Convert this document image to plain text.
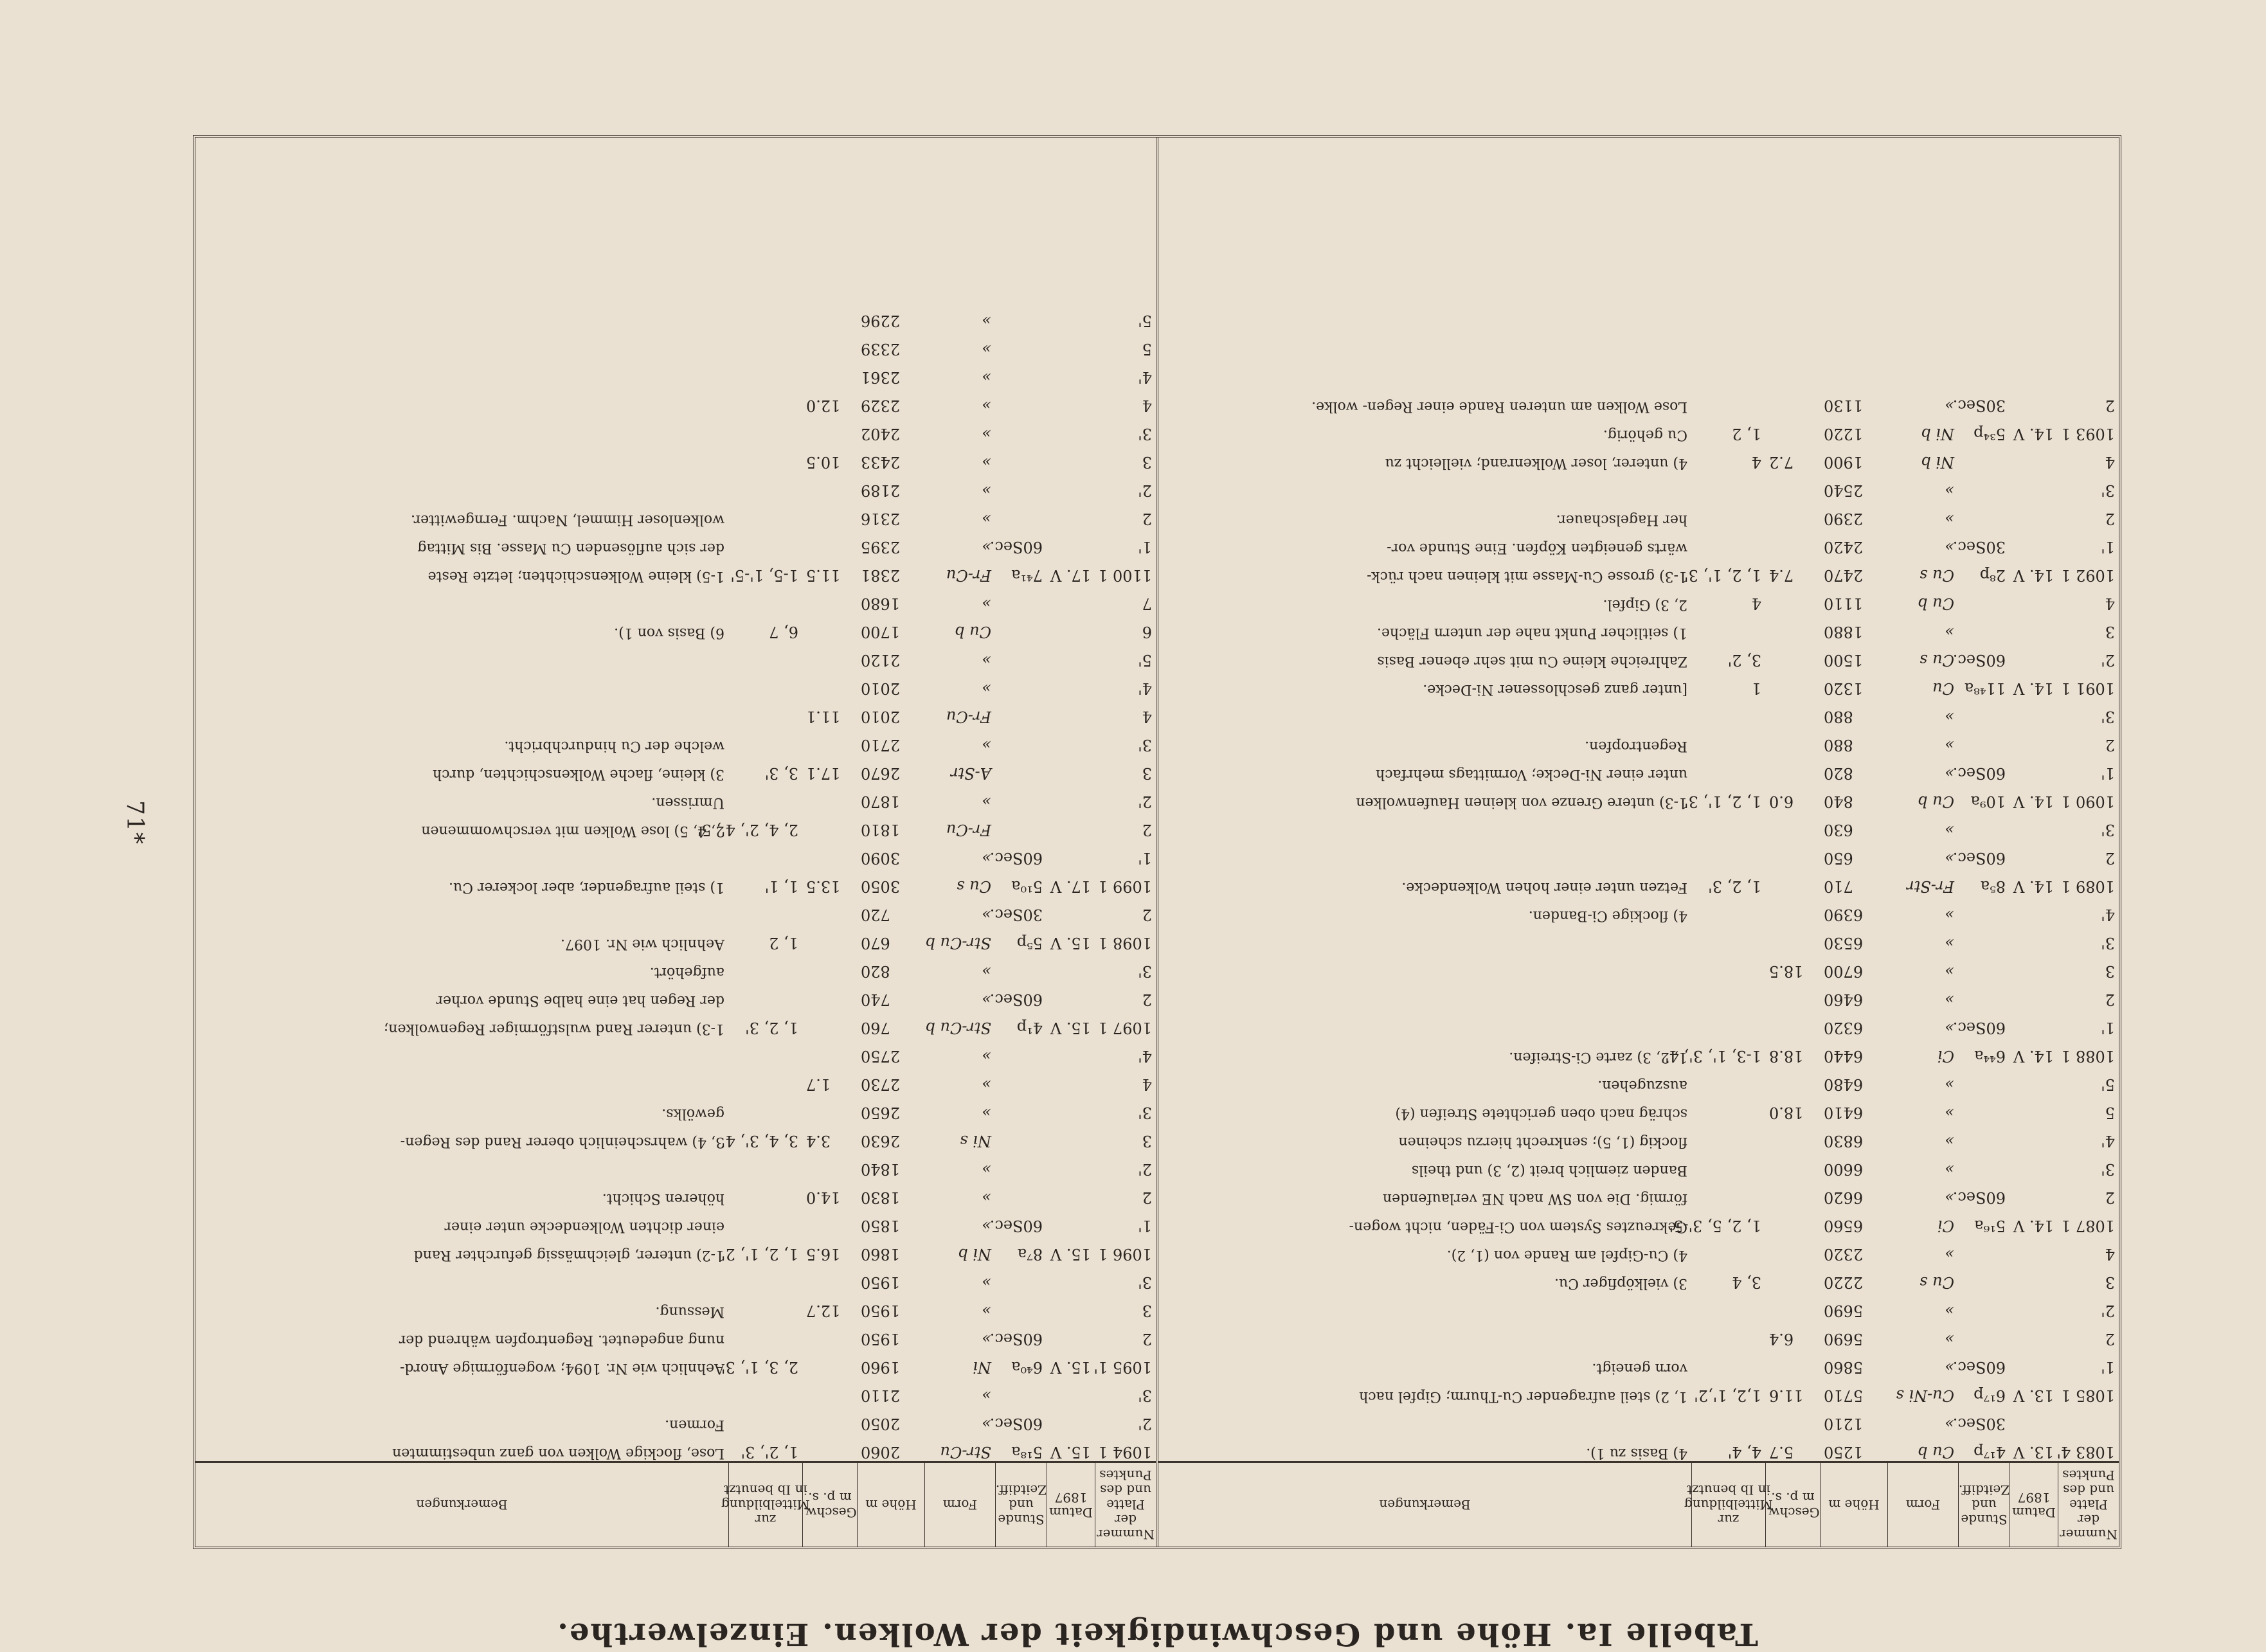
71*
Tabelle Ia. Höhe und Geschwindigkeit der Wolken. Einzelwerthe.
Nummer der Platte und des Punktes
Datum 1897
Stunde und Zeitdiff.
Form
Höhe m
Geschw. m p. s.
zur Mittelbildung in Ib benutzt
Bemerkungen
1083 4'
13. V
4¹⁷p
Cu b
1250
5.7
4, 4'
4) Basis zu 1).
30Sec.
»
1210
1085 1
13. V
6¹⁷p
Cu-Ni s
5710
11.6
1,2, 1',2'
1, 2) steil aufragender Cu-Thurm; Gipfel nach
1'
60Sec.
»
5860
vorn geneigt.
2
»
5690
6.4
2'
»
5690
3
Cu s
2220
3, 4
3) vielköpfiger Cu.
4
»
2320
4) Cu-Gipfel am Rande von (1, 2).
1087 1
14. V
5¹⁶a
Ci
6560
1, 2, 5, 3'-5'
Gekreuztes System von Ci-Fäden, nicht wogen-
2
60Sec.
»
6620
förmig. Die von SW nach NE verlaufenden
3'
»
6600
Banden ziemlich breit (2, 3) und theils
4'
»
6830
flockig (1, 5); senkrecht hierzu scheinen
5
»
6410
18.0
schräg nach oben gerichtete Streifen (4)
5'
»
6480
auszugehen.
1088 1
14. V
6⁴⁴a
Ci
6440
18.8
1-3, 1', 3', 4'
1, 2, 3) zarte Ci-Streifen.
1'
60Sec.
»
6320
2
»
6460
3
»
6700
18.5
3'
»
6530
4'
»
6390
4) flockige Ci-Banden.
1089 1
14. V
8⁵a
Fr-Str
710
1, 2, 3'
Fetzen unter einer hohen Wolkendecke.
2
60Sec.
»
650
3'
»
630
1090 1
14. V
10⁹a
Cu b
840
6.0
1, 2, 1', 3'
1-3) untere Grenze von kleinen Haufenwolken
1'
60Sec.
»
820
unter einer Ni-Decke; Vormittags mehrfach
2
»
880
Regentropfen.
3'
»
880
1091 1
14. V
11⁴⁸a
Cu
1320
1
[unter ganz geschlossener Ni-Decke.
2'
60Sec.
Cu s
1500
3, 2'
Zahlreiche kleine Cu mit sehr ebener Basis
3
»
1880
1) seitlicher Punkt nahe der untern Fläche.
4
Cu b
1110
4
2, 3) Gipfel.
1092 1
14. V
2⁸p
Cu s
2470
7.4
1, 2, 1', 3'
1-3) grosse Cu-Masse mit kleinen nach rück-
1'
30Sec.
»
2420
wärts geneigten Köpfen. Eine Stunde vor-
2
»
2390
her Hagelschauer.
3'
»
2540
4
Ni b
1900
7.2
4
4) unterer, loser Wolkenrand; vielleicht zu
1093 1
14. V
5³⁴p
Ni b
1220
1, 2
Cu gehörig.
2
30Sec.
»
1130
Lose Wolken am unteren Rande einer Regen- wolke.
Nummer der Platte und des Punktes
Datum 1897
Stunde und Zeitdiff.
Form
Höhe m
Geschw. m p. s.
zur Mittelbildung in Ib benutzt
Bemerkungen
1094 1
15. V
5¹⁸a
Str-Cu
2060
1, 2', 3'
Lose, flockige Wolken von ganz unbestimmten
2'
60Sec.
»
2050
Formen.
3'
»
2110
1095 1'
15. V
6⁴⁰a
Ni
1960
2, 3, 1', 3'
Aehnlich wie Nr. 1094; wogenförmige Anord-
2
60Sec.
»
1950
nung angedeutet. Regentropfen während der
3
»
1950
12.7
Messung.
3'
»
1950
1096 1
15. V
8⁷a
Ni b
1860
16.5
1, 2, 1', 2'
1-2) unterer, gleichmässig gefurchter Rand
1'
60Sec.
»
1850
einer dichten Wolkendecke unter einer
2
»
1830
14.0
höheren Schicht.
2'
»
1840
3
Ni s
2630
3.4
3, 4, 3', 4'
3, 4) wahrscheinlich oberer Rand des Regen-
3'
»
2650
gewölks.
4
»
2730
1.7
4'
»
2750
1097 1
15. V
4¹p
Str-Cu b
760
1, 2, 3'
1-3) unterer Rand wulstförmiger Regenwolken;
2
60Sec.
»
740
der Regen hat eine halbe Stunde vorher
3'
»
820
aufgehört.
1098 1
15. V
5⁵p
Str-Cu b
670
1, 2
Aehnlich wie Nr. 1097.
2
30Sec.
»
720
1099 1
17. V
5¹⁰a
Cu s
3050
13.5
1, 1'
1) steil aufragender, aber lockerer Cu.
1'
60Sec.
»
3090
2
Fr-Cu
1810
2, 4, 2', 4', 5'
2, 4, 5) lose Wolken mit verschwommenen
2'
»
1870
Umrissen.
3
A-Str
2670
17.1
3, 3'
3) kleine, flache Wolkenschichten, durch
3'
»
2710
welche der Cu hindurchbricht.
4
Fr-Cu
2010
11.1
4'
»
2010
5'
»
2120
6
Cu b
1700
6, 7
6) Basis von 1).
7
»
1680
1100 1
17. V
7⁴¹a
Fr-Cu
2381
11.5
1-5, 1'-5'
1-5) kleine Wolkenschichten; letzte Reste
1'
60Sec.
»
2395
der sich auflösenden Cu Masse. Bis Mittag
2
»
2316
wolkenloser Himmel, Nachm. Ferngewitter.
2'
»
2189
3
»
2433
10.5
3'
»
2402
4
»
2329
12.0
4'
»
2361
5
»
2339
5'
»
2296
